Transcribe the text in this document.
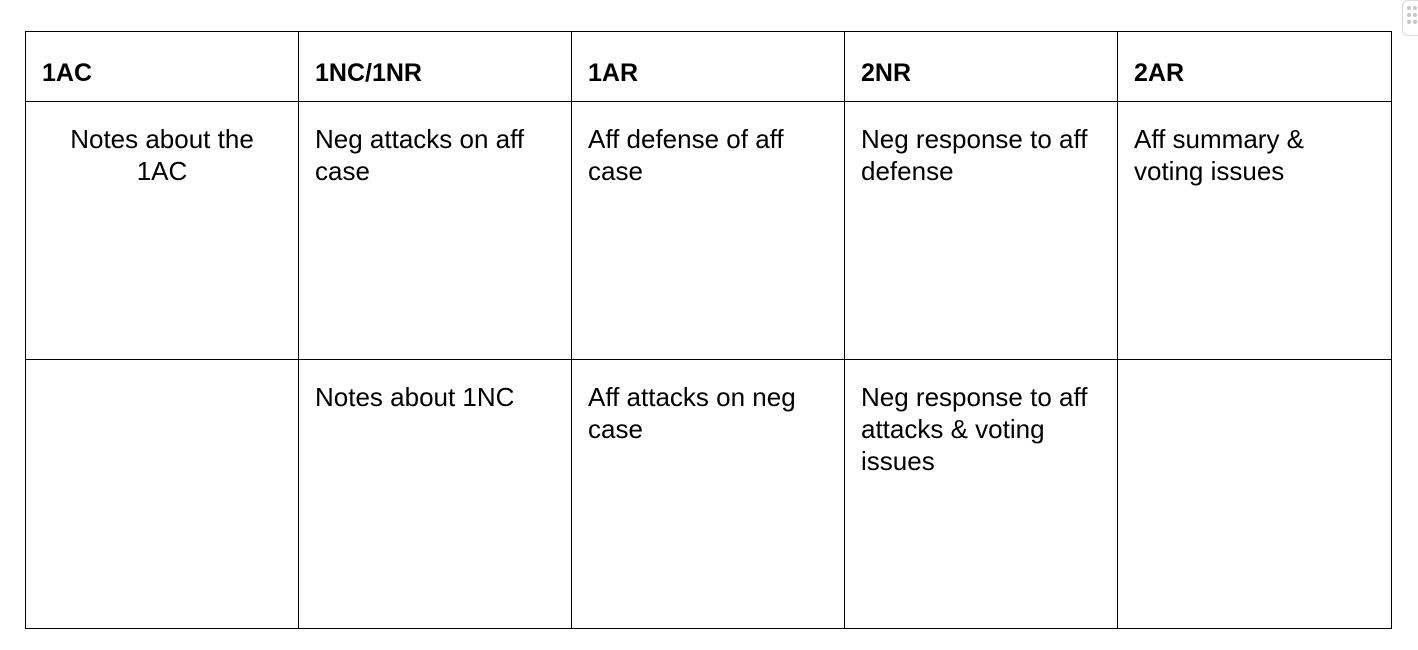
1AC	1NC/1NR	1AR	2NR	2AR
Notes about the 1AC	Neg attacks on aff case	Aff defense of aff case	Neg response to aff defense	Aff summary & voting issues
	Notes about 1NC	Aff attacks on neg case	Neg response to aff attacks & voting issues	
